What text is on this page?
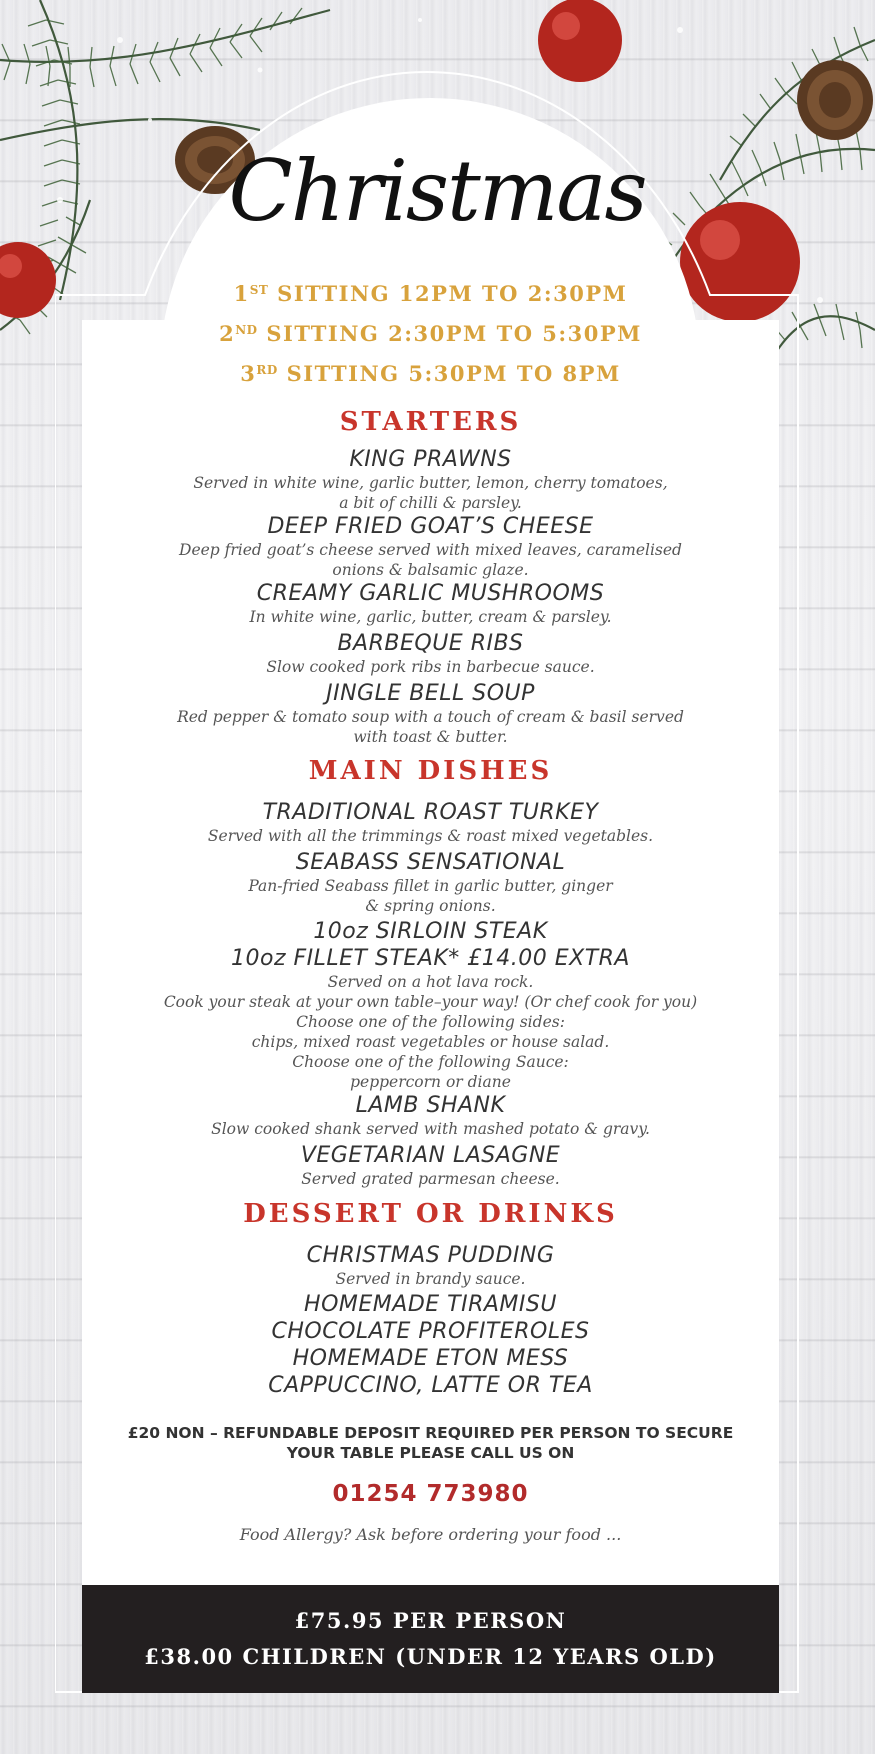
Christmas
1ST SITTING 12PM TO 2:30PM
2ND SITTING 2:30PM TO 5:30PM
3RD SITTING 5:30PM TO 8PM
STARTERS
KING PRAWNS
Served in white wine, garlic butter, lemon, cherry tomatoes,
a bit of chilli & parsley.
DEEP FRIED GOAT’S CHEESE
Deep fried goat’s cheese served with mixed leaves, caramelised
onions & balsamic glaze.
CREAMY GARLIC MUSHROOMS
In white wine, garlic, butter, cream & parsley.
BARBEQUE RIBS
Slow cooked pork ribs in barbecue sauce.
JINGLE BELL SOUP
Red pepper & tomato soup with a touch of cream & basil served
with toast & butter.
MAIN DISHES
TRADITIONAL ROAST TURKEY
Served with all the trimmings & roast mixed vegetables.
SEABASS SENSATIONAL
Pan-fried Seabass fillet in garlic butter, ginger
& spring onions.
10oz SIRLOIN STEAK
10oz FILLET STEAK* £14.00 EXTRA
Served on a hot lava rock.
Cook your steak at your own table–your way! (Or chef cook for you)
Choose one of the following sides:
chips, mixed roast vegetables or house salad.
Choose one of the following Sauce:
peppercorn or diane
LAMB SHANK
Slow cooked shank served with mashed potato & gravy.
VEGETARIAN LASAGNE
Served grated parmesan cheese.
DESSERT OR DRINKS
CHRISTMAS PUDDING
Served in brandy sauce.
HOMEMADE TIRAMISU
CHOCOLATE PROFITEROLES
HOMEMADE ETON MESS
CAPPUCCINO, LATTE OR TEA
£20 NON – REFUNDABLE DEPOSIT REQUIRED PER PERSON TO SECURE
YOUR TABLE PLEASE CALL US ON
01254 773980
Food Allergy? Ask before ordering your food ...
£75.95 PER PERSON
£38.00 CHILDREN (UNDER 12 YEARS OLD)
